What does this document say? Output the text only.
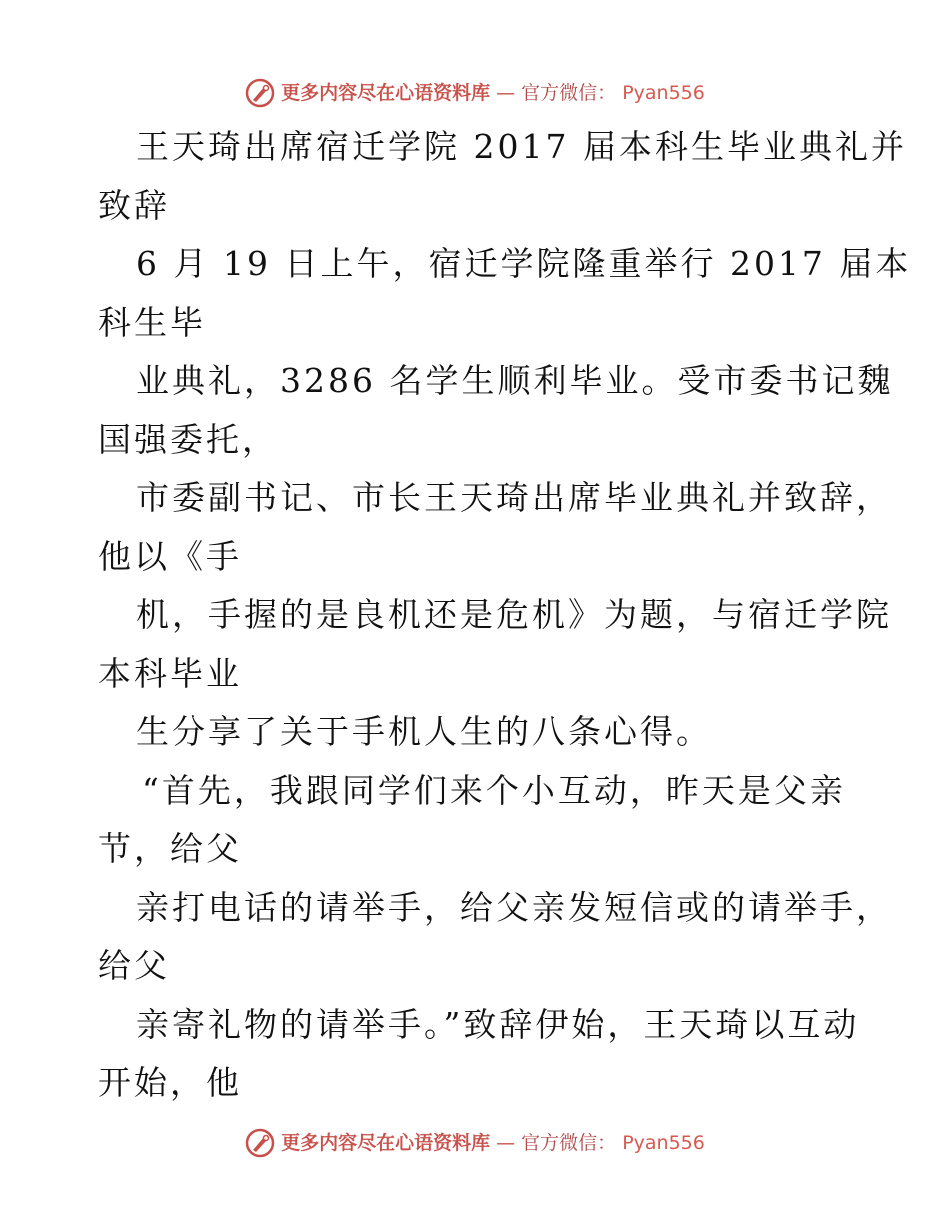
更多内容尽在心语资料库 — 官方微信： Pyan556
王天琦出席宿迁学院 2017 届本科生毕业典礼并
致辞
6 月 19 日上午，宿迁学院隆重举行 2017 届本
科生毕
业典礼，3286 名学生顺利毕业。受市委书记魏
国强委托，
市委副书记、市长王天琦出席毕业典礼并致辞，
他以《手
机，手握的是良机还是危机》为题，与宿迁学院
本科毕业
生分享了关于手机人生的八条心得。
“首先，我跟同学们来个小互动，昨天是父亲
节，给父
亲打电话的请举手，给父亲发短信或的请举手，
给父
亲寄礼物的请举手。”致辞伊始，王天琦以互动
开始，他
更多内容尽在心语资料库 — 官方微信： Pyan556
